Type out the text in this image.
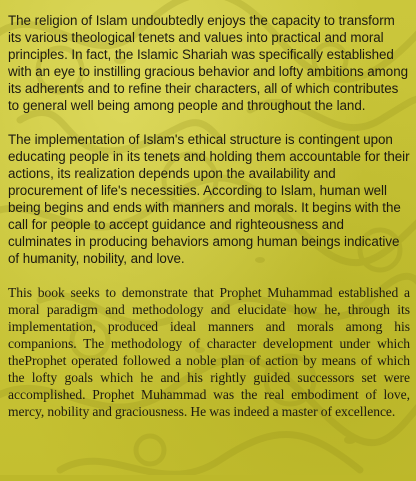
The religion of Islam undoubtedly enjoys the capacity to transform its various theological tenets and values into practical and moral principles. In fact, the Islamic Shariah was specifically established with an eye to instilling gracious behavior and lofty ambitions among its adherents and to refine their characters, all of which contributes to general well being among people and throughout the land.

The implementation of Islam's ethical structure is contingent upon educating people in its tenets and holding them accountable for their actions, its realization depends upon the availability and procurement of life's necessities. According to Islam, human well being begins and ends with manners and morals. It begins with the call for people to accept guidance and righteousness and culminates in producing behaviors among human beings indicative of humanity, nobility, and love.

This book seeks to demonstrate that Prophet Muhammad established a moral paradigm and methodology and elucidate how he, through its implementation, produced ideal manners and morals among his companions. The methodology of character development under which theProphet operated followed a noble plan of action by means of which the lofty goals which he and his rightly guided successors set were accomplished. Prophet Muhammad was the real embodiment of love, mercy, nobility and graciousness. He was indeed a master of excellence.
